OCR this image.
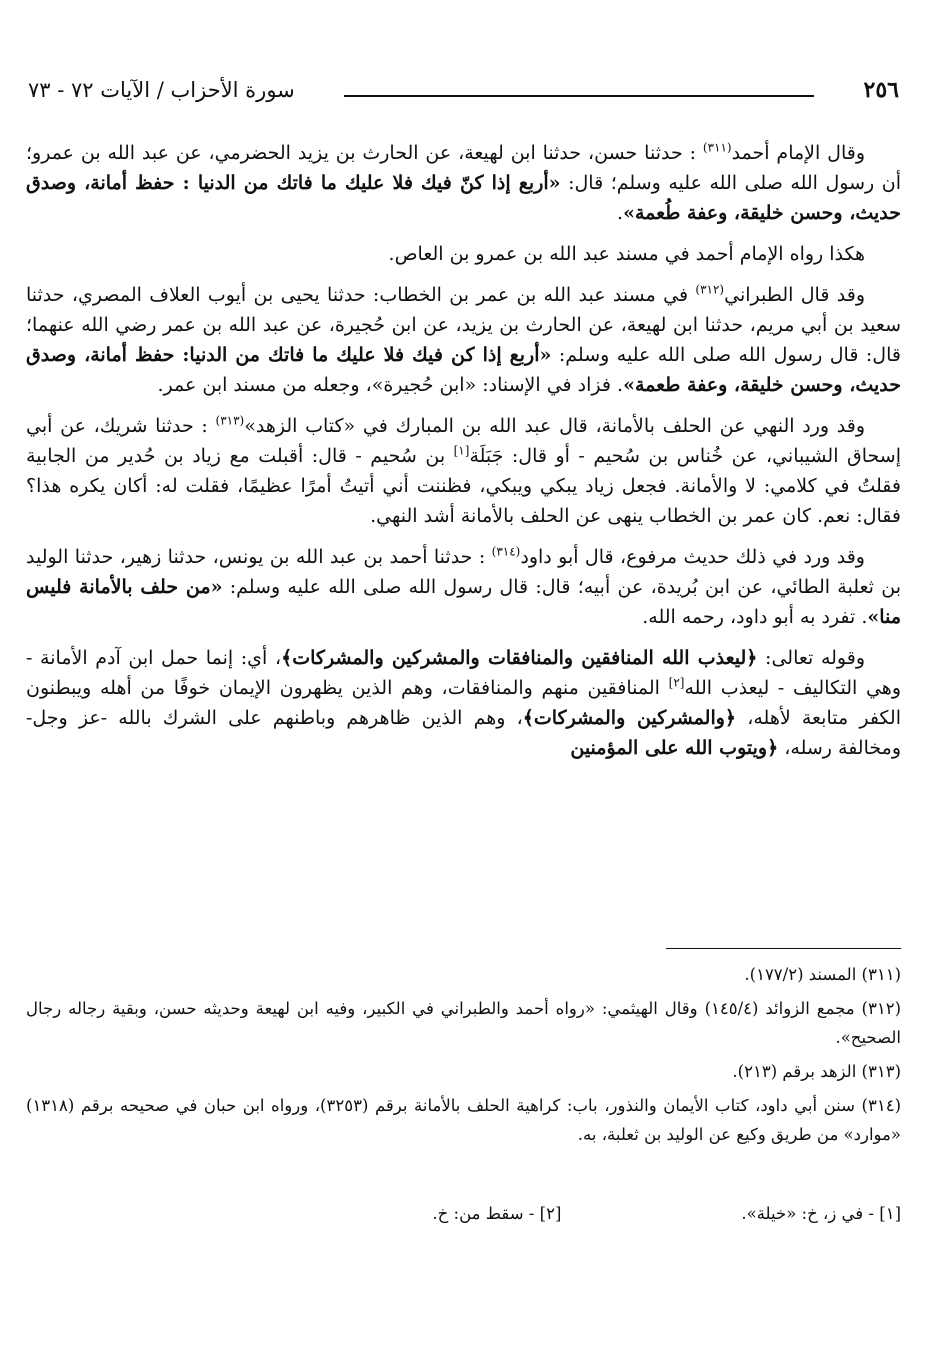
٢٥٦
سورة الأحزاب / الآيات ٧٢ - ٧٣

وقال الإمام أحمد$^{(٣١١)}$ : حدثنا حسن، حدثنا ابن لهيعة، عن الحارث بن يزيد الحضرمي، عن عبد الله بن عمرو؛ أن رسول الله صلى الله عليه وسلم؛ قال: «أربع إذا كنّ فيك فلا عليك ما فاتك من الدنيا : حفظ أمانة، وصدق حديث، وحسن خليقة، وعفة طُعمة».

هكذا رواه الإمام أحمد في مسند عبد الله بن عمرو بن العاص.

وقد قال الطبراني$^{(٣١٢)}$ في مسند عبد الله بن عمر بن الخطاب: حدثنا يحيى بن أيوب العلاف المصري، حدثنا سعيد بن أبي مريم، حدثنا ابن لهيعة، عن الحارث بن يزيد، عن ابن حُجيرة، عن عبد الله بن عمر رضي الله عنهما؛ قال: قال رسول الله صلى الله عليه وسلم: «أربع إذا كن فيك فلا عليك ما فاتك من الدنيا: حفظ أمانة، وصدق حديث، وحسن خليقة، وعفة طعمة». فزاد في الإسناد: «ابن حُجيرة»، وجعله من مسند ابن عمر.

وقد ورد النهي عن الحلف بالأمانة، قال عبد الله بن المبارك في «كتاب الزهد»$^{(٣١٣)}$ : حدثنا شريك، عن أبي إسحاق الشيباني، عن خُناس بن سُحيم - أو قال: جَبَلَة[١] بن سُحيم - قال: أقبلت مع زياد بن حُدير من الجابية فقلتُ في كلامي: لا والأمانة. فجعل زياد يبكي ويبكي، فظننت أني أتيتُ أمرًا عظيمًا، فقلت له: أكان يكره هذا؟ فقال: نعم. كان عمر بن الخطاب ينهى عن الحلف بالأمانة أشد النهي.

وقد ورد في ذلك حديث مرفوع، قال أبو داود$^{(٣١٤)}$ : حدثنا أحمد بن عبد الله بن يونس، حدثنا زهير، حدثنا الوليد بن ثعلبة الطائي، عن ابن بُريدة، عن أبيه؛ قال: قال رسول الله صلى الله عليه وسلم: «من حلف بالأمانة فليس منا». تفرد به أبو داود، رحمه الله.

وقوله تعالى: ﴿ليعذب الله المنافقين والمنافقات والمشركين والمشركات﴾، أي: إنما حمل ابن آدم الأمانة - وهي التكاليف - ليعذب الله[٢] المنافقين منهم والمنافقات، وهم الذين يظهرون الإيمان خوفًا من أهله ويبطنون الكفر متابعة لأهله، ﴿والمشركين والمشركات﴾، وهم الذين ظاهرهم وباطنهم على الشرك بالله -عز وجل- ومخالفة رسله، ﴿ويتوب الله على المؤمنين

(٣١١) المسند (١٧٧/٢).

(٣١٢) مجمع الزوائد (١٤٥/٤) وقال الهيثمي: «رواه أحمد والطبراني في الكبير، وفيه ابن لهيعة وحديثه حسن، وبقية رجاله رجال الصحيح».

(٣١٣) الزهد برقم (٢١٣).

(٣١٤) سنن أبي داود، كتاب الأيمان والنذور، باب: كراهية الحلف بالأمانة برقم (٣٢٥٣)، ورواه ابن حبان في صحيحه برقم (١٣١٨) «موارد» من طريق وكيع عن الوليد بن ثعلبة، به.

[١] - في ز، خ: «خيلة».
[٢] - سقط من: خ.
